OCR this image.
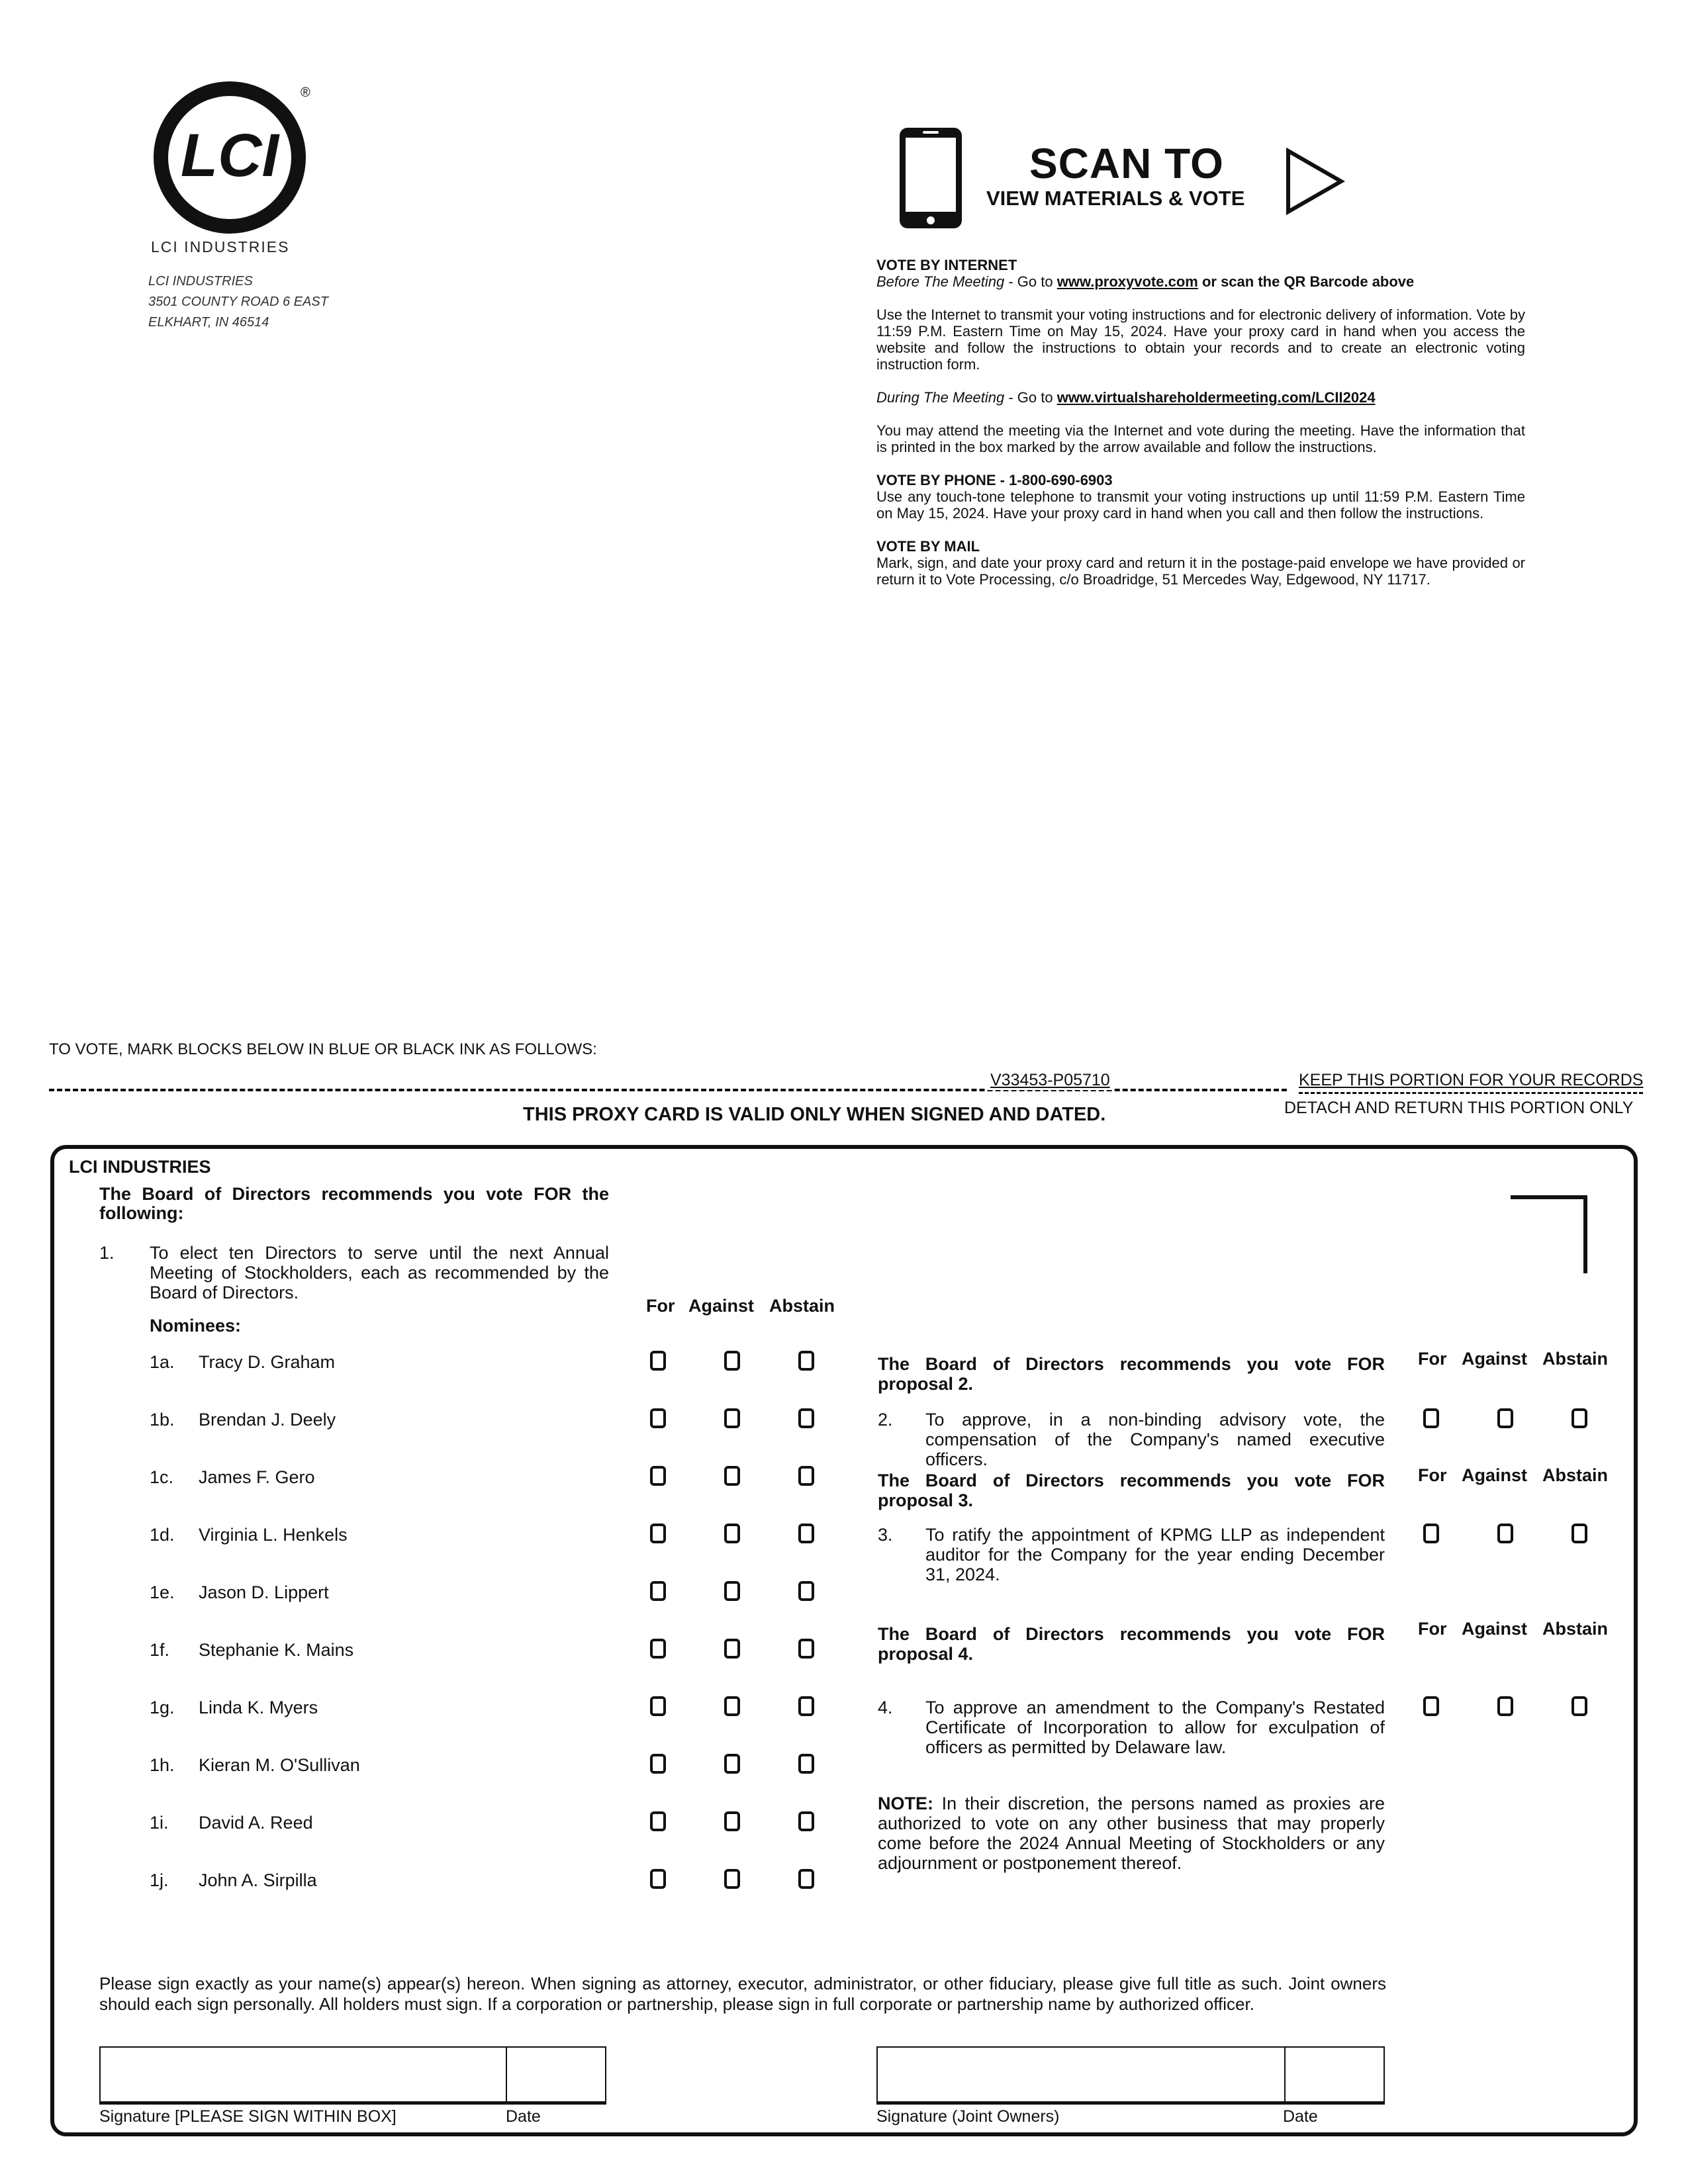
LCI
®
LCI INDUSTRIES
LCI INDUSTRIES
3501 COUNTY ROAD 6 EAST
ELKHART, IN 46514
SCAN TO
VIEW MATERIALS & VOTE
VOTE BY INTERNET

Before The Meeting - Go to www.proxyvote.com or scan the QR Barcode above

Use the Internet to transmit your voting instructions and for electronic delivery of information. Vote by 11:59 P.M. Eastern Time on May 15, 2024. Have your proxy card in hand when you access the website and follow the instructions to obtain your records and to create an electronic voting instruction form.

During The Meeting - Go to www.virtualshareholdermeeting.com/LCII2024

You may attend the meeting via the Internet and vote during the meeting. Have the information that is printed in the box marked by the arrow available and follow the instructions.

VOTE BY PHONE - 1-800-690-6903

Use any touch-tone telephone to transmit your voting instructions up until 11:59 P.M. Eastern Time on May 15, 2024. Have your proxy card in hand when you call and then follow the instructions.

VOTE BY MAIL

Mark, sign, and date your proxy card and return it in the postage-paid envelope we have provided or return it to Vote Processing, c/o Broadridge, 51 Mercedes Way, Edgewood, NY 11717.

TO VOTE, MARK BLOCKS BELOW IN BLUE OR BLACK INK AS FOLLOWS:
V33453-P05710	KEEP THIS PORTION FOR YOUR RECORDS
DETACH AND RETURN THIS PORTION ONLY
THIS PROXY CARD IS VALID ONLY WHEN SIGNED AND DATED.
LCI INDUSTRIES
The Board of Directors recommends you vote FOR the following:
1. To elect ten Directors to serve until the next Annual Meeting of Stockholders, each as recommended by the Board of Directors.
Nominees:
For Against Abstain
1a. Tracy D. Graham
1b. Brendan J. Deely
1c. James F. Gero
1d. Virginia L. Henkels
1e. Jason D. Lippert
1f. Stephanie K. Mains
1g. Linda K. Myers
1h. Kieran M. O'Sullivan
1i. David A. Reed
1j. John A. Sirpilla
The Board of Directors recommends you vote FOR proposal 2.
For Against Abstain
2. To approve, in a non-binding advisory vote, the compensation of the Company's named executive officers.
The Board of Directors recommends you vote FOR proposal 3.
For Against Abstain
3. To ratify the appointment of KPMG LLP as independent auditor for the Company for the year ending December 31, 2024.
The Board of Directors recommends you vote FOR proposal 4.
For Against Abstain
4. To approve an amendment to the Company's Restated Certificate of Incorporation to allow for exculpation of officers as permitted by Delaware law.
NOTE: In their discretion, the persons named as proxies are authorized to vote on any other business that may properly come before the 2024 Annual Meeting of Stockholders or any adjournment or postponement thereof.
Please sign exactly as your name(s) appear(s) hereon. When signing as attorney, executor, administrator, or other fiduciary, please give full title as such. Joint owners should each sign personally. All holders must sign. If a corporation or partnership, please sign in full corporate or partnership name by authorized officer.
Signature [PLEASE SIGN WITHIN BOX]	Date	Signature (Joint Owners)	Date
